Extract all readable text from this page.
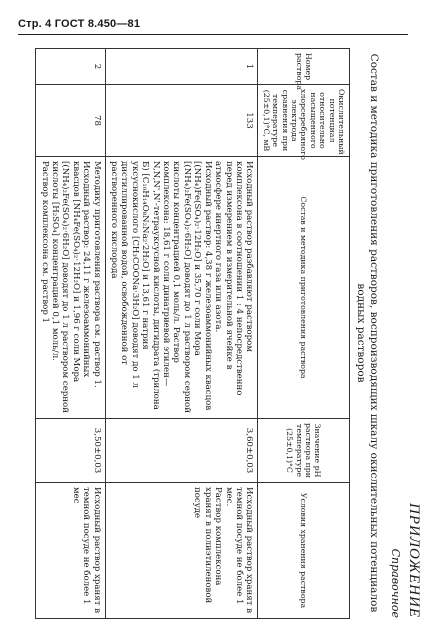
Стр. 4 ГОСТ 8.450—81
ПРИЛОЖЕНИЕ
Справочное
Состав и методика приготовления растворов, воспроизводящих шкалу окислительных потенциалов
водных растворов
Номер раствора	Окислительный потенциал относительно насыщенного хлорсеребряного электрода сравнения при температуре (25±0,1)°С, мВ	Состав и методика приготовления раствора	Значение pH раствора при температуре (25±0,1)°С	Условия хранения раствора
1	133	Исходный раствор разбавляют раствором комплексона в соотношении 1 : 4 непосредственно перед измерением в измерительной ячейке в атмосфере инертного газа или азота.
Исходный раствор: 4,38 г железоаммонийных квасцов [(NH₄)Fe(SO₄)₂·12H₂O] и 35,70 г соли Мора [(NH₄)₂Fe(SO₄)₂·6H₂O] доводят до 1 л раствором серной кислоты концентрацией 0,1 моль/л. Раствор комплексона: 18,61 г соли динатриевой этилен—N,N,N',N'-тетрауксусной кислоты, дигидрата (трилона Б) [C₁₀H₁₄O₈N₂Na₂·2H₂O] и 13,61 г натрия уксуснокислого [CH₃COONa·3H₂O] доводят до 1 л дистиллированной водой, освобожденной от растворенного кислорода	3,60±0,03	Исходный раствор хранят в темной посуде не более 1 мес.
Раствор комплексона хранят в полиэтиленовой посуде

2	78	Методику приготовления раствора см. раствор 1.
Исходный раствор: 24,11 г железоаммонийных квасцов [NH₄Fe(SO₄)₂·12H₂O] и 1,96 г соли Мора [(NH₄)₂Fe(SO₄)₂·6H₂O] доводят до 1 л раствором серной кислоты [H₂SO₄] концентрацией 0,1 моль/л.
Раствор комплексона см. раствор 1	3,50±0,03	Исходный раствор хранят в темной посуде не более 1 мес
